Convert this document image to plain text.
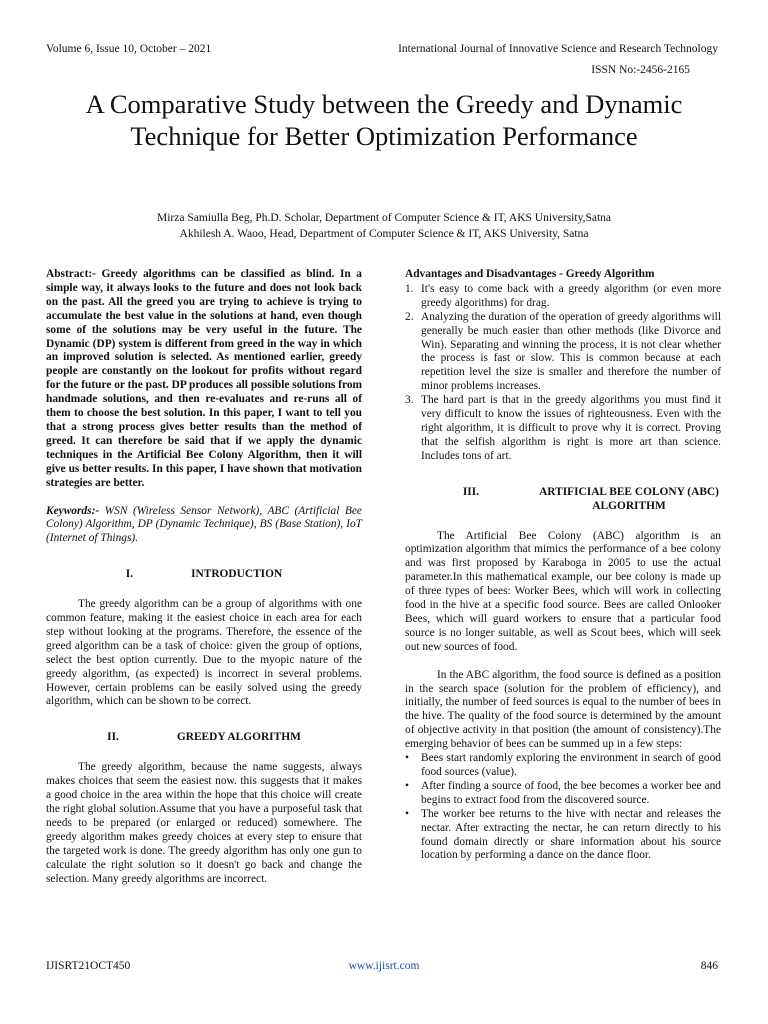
Volume 6, Issue 10, October – 2021	International Journal of Innovative Science and Research Technology
ISSN No:-2456-2165
A Comparative Study between the Greedy and Dynamic Technique for Better Optimization Performance
Mirza Samiulla Beg, Ph.D. Scholar, Department of Computer Science & IT, AKS University,Satna
Akhilesh A. Waoo, Head, Department of Computer Science & IT, AKS University, Satna

Abstract:- Greedy algorithms can be classified as blind. In a simple way, it always looks to the future and does not look back on the past. All the greed you are trying to achieve is trying to accumulate the best value in the solutions at hand, even though some of the solutions may be very useful in the future. The Dynamic (DP) system is different from greed in the way in which an improved solution is selected. As mentioned earlier, greedy people are constantly on the lookout for profits without regard for the future or the past. DP produces all possible solutions from handmade solutions, and then re-evaluates and re-runs all of them to choose the best solution. In this paper, I want to tell you that a strong process gives better results than the method of greed. It can therefore be said that if we apply the dynamic techniques in the Artificial Bee Colony Algorithm, then it will give us better results. In this paper, I have shown that motivation strategies are better.

Keywords:- WSN (Wireless Sensor Network), ABC (Artificial Bee Colony) Algorithm, DP (Dynamic Technique), BS (Base Station), IoT (Internet of Things).

I.	INTRODUCTION

The greedy algorithm can be a group of algorithms with one common feature, making it the easiest choice in each area for each step without looking at the programs. Therefore, the essence of the greed algorithm can be a task of choice: given the group of options, select the best option currently. Due to the myopic nature of the greedy algorithm, (as expected) is incorrect in several problems. However, certain problems can be easily solved using the greedy algorithm, which can be shown to be correct.

II.	GREEDY ALGORITHM

The greedy algorithm, because the name suggests, always makes choices that seem the easiest now. this suggests that it makes a good choice in the area within the hope that this choice will create the right global solution.Assume that you have a purposeful task that needs to be prepared (or enlarged or reduced) somewhere. The greedy algorithm makes greedy choices at every step to ensure that the targeted work is done. The greedy algorithm has only one gun to calculate the right solution so it doesn't go back and change the selection. Many greedy algorithms are incorrect.

Advantages and Disadvantages - Greedy Algorithm

1. It's easy to come back with a greedy algorithm (or even more greedy algorithms) for drag.
2. Analyzing the duration of the operation of greedy algorithms will generally be much easier than other methods (like Divorce and Win). Separating and winning the process, it is not clear whether the process is fast or slow. This is common because at each repetition level the size is smaller and therefore the number of minor problems increases.
3. The hard part is that in the greedy algorithms you must find it very difficult to know the issues of righteousness. Even with the right algorithm, it is difficult to prove why it is correct. Proving that the selfish algorithm is right is more art than science. Includes tons of art.
III.	ARTIFICIAL BEE COLONY (ABC) ALGORITHM

The Artificial Bee Colony (ABC) algorithm is an optimization algorithm that mimics the performance of a bee colony and was first proposed by Karaboga in 2005 to use the actual parameter.In this mathematical example, our bee colony is made up of three types of bees: Worker Bees, which will work in collecting food in the hive at a specific food source. Bees are called Onlooker Bees, which will guard workers to ensure that a particular food source is no longer suitable, as well as Scout bees, which will seek out new sources of food.

In the ABC algorithm, the food source is defined as a position in the search space (solution for the problem of efficiency), and initially, the number of feed sources is equal to the number of bees in the hive. The quality of the food source is determined by the amount of objective activity in that position (the amount of consistency).The emerging behavior of bees can be summed up in a few steps:

•	Bees start randomly exploring the environment in search of good food sources (value).
•	After finding a source of food, the bee becomes a worker bee and begins to extract food from the discovered source.
•	The worker bee returns to the hive with nectar and releases the nectar. After extracting the nectar, he can return directly to his found domain directly or share information about his source location by performing a dance on the dance floor.
IJISRT21OCT450	www.ijisrt.com	846
